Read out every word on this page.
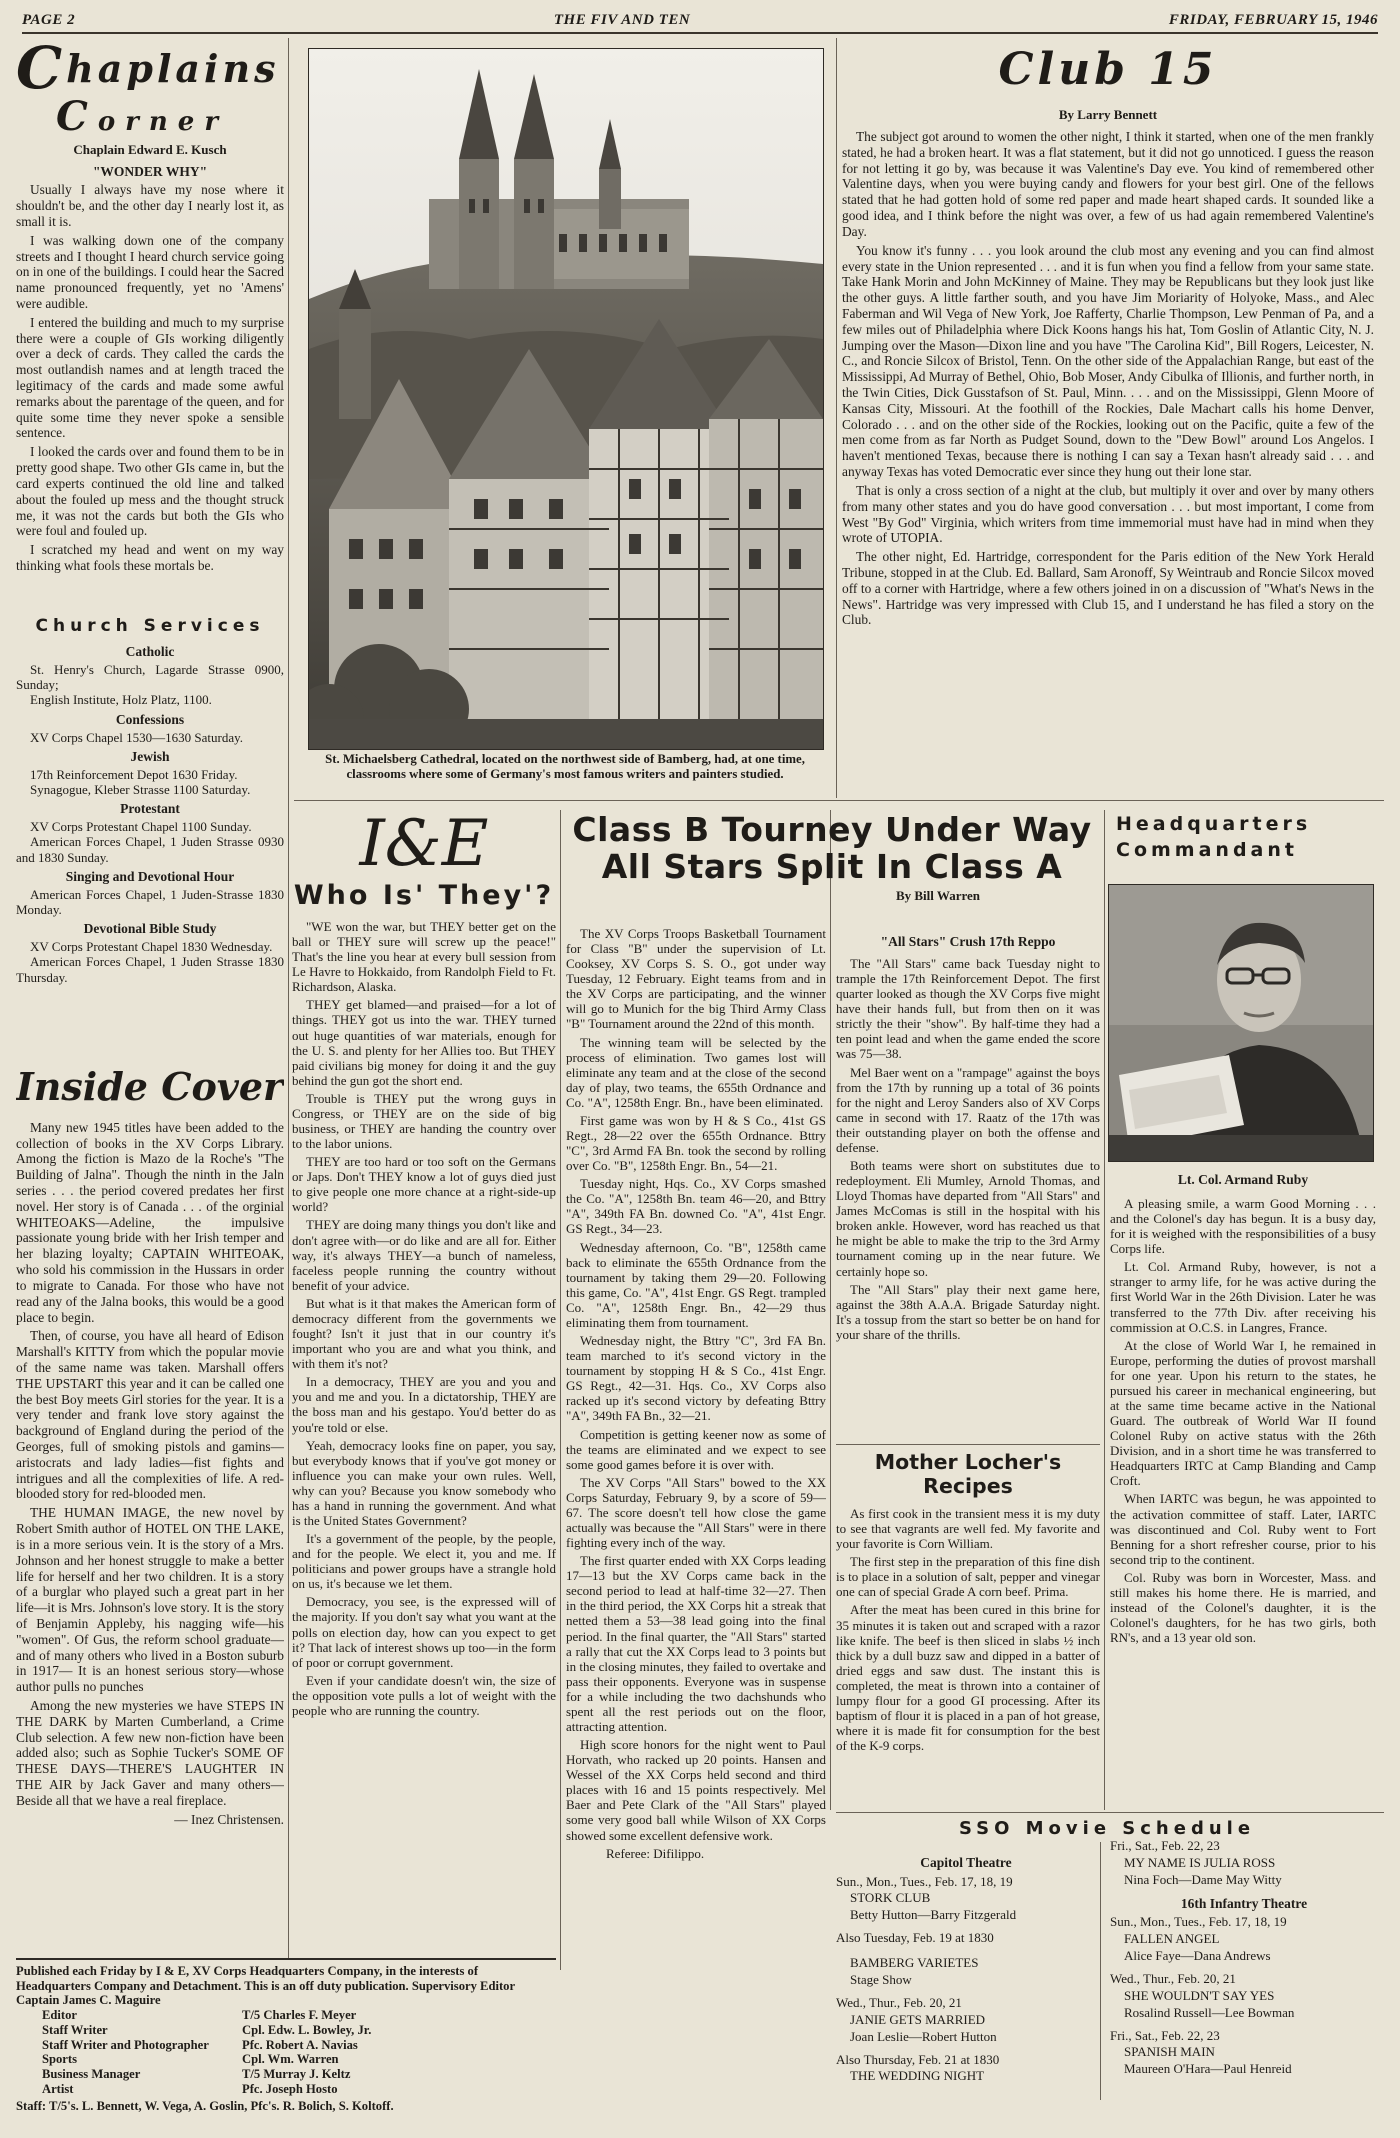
PAGE 2	THE FIV AND TEN	FRIDAY, FEBRUARY 15, 1946

Chaplains

Corner

Chaplain Edward E. Kusch

"WONDER WHY"

Usually I always have my nose where it shouldn't be, and the other day I nearly lost it, as small it is.

I was walking down one of the company streets and I thought I heard church service going on in one of the buildings. I could hear the Sacred name pronounced frequently, yet no 'Amens' were audible.

I entered the building and much to my surprise there were a couple of GIs working diligently over a deck of cards. They called the cards the most outlandish names and at length traced the legitimacy of the cards and made some awful remarks about the parentage of the queen, and for quite some time they never spoke a sensible sentence.

I looked the cards over and found them to be in pretty good shape. Two other GIs came in, but the card experts continued the old line and talked about the fouled up mess and the thought struck me, it was not the cards but both the GIs who were foul and fouled up.

I scratched my head and went on my way thinking what fools these mortals be.

Church Services

Catholic

St. Henry's Church, Lagarde Strasse 0900, Sunday;

English Institute, Holz Platz, 1100.

Confessions

XV Corps Chapel 1530—1630 Saturday.

Jewish

17th Reinforcement Depot 1630 Friday.

Synagogue, Kleber Strasse 1100 Saturday.

Protestant

XV Corps Protestant Chapel 1100 Sunday.

American Forces Chapel, 1 Juden Strasse 0930 and 1830 Sunday.

Singing and Devotional Hour

American Forces Chapel, 1 Juden-Strasse 1830 Monday.

Devotional Bible Study

XV Corps Protestant Chapel 1830 Wednesday.

American Forces Chapel, 1 Juden Strasse 1830 Thursday.

Inside Cover

Many new 1945 titles have been added to the collection of books in the XV Corps Library. Among the fiction is Mazo de la Roche's "The Building of Jalna". Though the ninth in the Jaln series . . . the period covered predates her first novel. Her story is of Canada . . . of the orginial WHITEOAKS—Adeline, the impulsive passionate young bride with her Irish temper and her blazing loyalty; CAPTAIN WHITEOAK, who sold his commission in the Hussars in order to migrate to Canada. For those who have not read any of the Jalna books, this would be a good place to begin.

Then, of course, you have all heard of Edison Marshall's KITTY from which the popular movie of the same name was taken. Marshall offers THE UPSTART this year and it can be called one the best Boy meets Girl stories for the year. It is a very tender and frank love story against the background of England during the period of the Georges, full of smoking pistols and gamins—aristocrats and lady ladies—fist fights and intrigues and all the complexities of life. A red-blooded story for red-blooded men.

THE HUMAN IMAGE, the new novel by Robert Smith author of HOTEL ON THE LAKE, is in a more serious vein. It is the story of a Mrs. Johnson and her honest struggle to make a better life for herself and her two children. It is a story of a burglar who played such a great part in her life—it is Mrs. Johnson's love story. It is the story of Benjamin Appleby, his nagging wife—his "women". Of Gus, the reform school graduate—and of many others who lived in a Boston suburb in 1917— It is an honest serious story—whose author pulls no punches

Among the new mysteries we have STEPS IN THE DARK by Marten Cumberland, a Crime Club selection. A few new non-fiction have been added also; such as Sophie Tucker's SOME OF THESE DAYS—THERE'S LAUGHTER IN THE AIR by Jack Gaver and many others—Beside all that we have a real fireplace.

— Inez Christensen.

St. Michaelsberg Cathedral, located on the northwest side of Bamberg, had, at one time, classrooms where some of Germany's most famous writers and painters studied.

Club 15

By Larry Bennett

The subject got around to women the other night, I think it started, when one of the men frankly stated, he had a broken heart. It was a flat statement, but it did not go unnoticed. I guess the reason for not letting it go by, was because it was Valentine's Day eve. You kind of remembered other Valentine days, when you were buying candy and flowers for your best girl. One of the fellows stated that he had gotten hold of some red paper and made heart shaped cards. It sounded like a good idea, and I think before the night was over, a few of us had again remembered Valentine's Day.

You know it's funny . . . you look around the club most any evening and you can find almost every state in the Union represented . . . and it is fun when you find a fellow from your same state. Take Hank Morin and John McKinney of Maine. They may be Republicans but they look just like the other guys. A little farther south, and you have Jim Moriarity of Holyoke, Mass., and Alec Faberman and Wil Vega of New York, Joe Rafferty, Charlie Thompson, Lew Penman of Pa, and a few miles out of Philadelphia where Dick Koons hangs his hat, Tom Goslin of Atlantic City, N. J. Jumping over the Mason—Dixon line and you have "The Carolina Kid", Bill Rogers, Leicester, N. C., and Roncie Silcox of Bristol, Tenn. On the other side of the Appalachian Range, but east of the Mississippi, Ad Murray of Bethel, Ohio, Bob Moser, Andy Cibulka of Illionis, and further north, in the Twin Cities, Dick Gusstafson of St. Paul, Minn. . . . and on the Mississippi, Glenn Moore of Kansas City, Missouri. At the foothill of the Rockies, Dale Machart calls his home Denver, Colorado . . . and on the other side of the Rockies, looking out on the Pacific, quite a few of the men come from as far North as Pudget Sound, down to the "Dew Bowl" around Los Angelos. I haven't mentioned Texas, because there is nothing I can say a Texan hasn't already said . . . and anyway Texas has voted Democratic ever since they hung out their lone star.

That is only a cross section of a night at the club, but multiply it over and over by many others from many other states and you do have good conversation . . . but most important, I come from West "By God" Virginia, which writers from time immemorial must have had in mind when they wrote of UTOPIA.

The other night, Ed. Hartridge, correspondent for the Paris edition of the New York Herald Tribune, stopped in at the Club. Ed. Ballard, Sam Aronoff, Sy Weintraub and Roncie Silcox moved off to a corner with Hartridge, where a few others joined in on a discussion of "What's News in the News". Hartridge was very impressed with Club 15, and I understand he has filed a story on the Club.

I&E

Who Is' They'?

"WE won the war, but THEY better get on the ball or THEY sure will screw up the peace!" That's the line you hear at every bull session from Le Havre to Hokkaido, from Randolph Field to Ft. Richardson, Alaska.

THEY get blamed—and praised—for a lot of things. THEY got us into the war. THEY turned out huge quantities of war materials, enough for the U. S. and plenty for her Allies too. But THEY paid civilians big money for doing it and the guy behind the gun got the short end.

Trouble is THEY put the wrong guys in Congress, or THEY are on the side of big business, or THEY are handing the country over to the labor unions.

THEY are too hard or too soft on the Germans or Japs. Don't THEY know a lot of guys died just to give people one more chance at a right-side-up world?

THEY are doing many things you don't like and don't agree with—or do like and are all for. Either way, it's always THEY—a bunch of nameless, faceless people running the country without benefit of your advice.

But what is it that makes the American form of democracy different from the governments we fought? Isn't it just that in our country it's important who you are and what you think, and with them it's not?

In a democracy, THEY are you and you and you and me and you. In a dictatorship, THEY are the boss man and his gestapo. You'd better do as you're told or else.

Yeah, democracy looks fine on paper, you say, but everybody knows that if you've got money or influence you can make your own rules. Well, why can you? Because you know somebody who has a hand in running the government. And what is the United States Government?

It's a government of the people, by the people, and for the people. We elect it, you and me. If politicians and power groups have a strangle hold on us, it's because we let them.

Democracy, you see, is the expressed will of the majority. If you don't say what you want at the polls on election day, how can you expect to get it? That lack of interest shows up too—in the form of poor or corrupt government.

Even if your candidate doesn't win, the size of the opposition vote pulls a lot of weight with the people who are running the country.

Class B Tourney Under Way

All Stars Split In Class A

By Bill Warren

The XV Corps Troops Basketball Tournament for Class "B" under the supervision of Lt. Cooksey, XV Corps S. S. O., got under way Tuesday, 12 February. Eight teams from and in the XV Corps are participating, and the winner will go to Munich for the big Third Army Class "B" Tournament around the 22nd of this month.

The winning team will be selected by the process of elimination. Two games lost will eliminate any team and at the close of the second day of play, two teams, the 655th Ordnance and Co. "A", 1258th Engr. Bn., have been eliminated.

First game was won by H & S Co., 41st GS Regt., 28—22 over the 655th Ordnance. Bttry "C", 3rd Armd FA Bn. took the second by rolling over Co. "B", 1258th Engr. Bn., 54—21.

Tuesday night, Hqs. Co., XV Corps smashed the Co. "A", 1258th Bn. team 46—20, and Bttry "A", 349th FA Bn. downed Co. "A", 41st Engr. GS Regt., 34—23.

Wednesday afternoon, Co. "B", 1258th came back to eliminate the 655th Ordnance from the tournament by taking them 29—20. Following this game, Co. "A", 41st Engr. GS Regt. trampled Co. "A", 1258th Engr. Bn., 42—29 thus eliminating them from tournament.

Wednesday night, the Bttry "C", 3rd FA Bn. team marched to it's second victory in the tournament by stopping H & S Co., 41st Engr. GS Regt., 42—31. Hqs. Co., XV Corps also racked up it's second victory by defeating Bttry "A", 349th FA Bn., 32—21.

Competition is getting keener now as some of the teams are eliminated and we expect to see some good games before it is over with.

The XV Corps "All Stars" bowed to the XX Corps Saturday, February 9, by a score of 59—67. The score doesn't tell how close the game actually was because the "All Stars" were in there fighting every inch of the way.

The first quarter ended with XX Corps leading 17—13 but the XV Corps came back in the second period to lead at half-time 32—27. Then in the third period, the XX Corps hit a streak that netted them a 53—38 lead going into the final period. In the final quarter, the "All Stars" started a rally that cut the XX Corps lead to 3 points but in the closing minutes, they failed to overtake and pass their opponents. Everyone was in suspense for a while including the two dachshunds who spent all the rest periods out on the floor, attracting attention.

High score honors for the night went to Paul Horvath, who racked up 20 points. Hansen and Wessel of the XX Corps held second and third places with 16 and 15 points respectively. Mel Baer and Pete Clark of the "All Stars" played some very good ball while Wilson of XX Corps showed some excellent defensive work.

Referee: Difilippo.

"All Stars" Crush 17th Reppo

The "All Stars" came back Tuesday night to trample the 17th Reinforcement Depot. The first quarter looked as though the XV Corps five might have their hands full, but from then on it was strictly the their "show". By half-time they had a ten point lead and when the game ended the score was 75—38.

Mel Baer went on a "rampage" against the boys from the 17th by running up a total of 36 points for the night and Leroy Sanders also of XV Corps came in second with 17. Raatz of the 17th was their outstanding player on both the offense and defense.

Both teams were short on substitutes due to redeployment. Eli Mumley, Arnold Thomas, and Lloyd Thomas have departed from "All Stars" and James McComas is still in the hospital with his broken ankle. However, word has reached us that he might be able to make the trip to the 3rd Army tournament coming up in the near future. We certainly hope so.

The "All Stars" play their next game here, against the 38th A.A.A. Brigade Saturday night. It's a tossup from the start so better be on hand for your share of the thrills.

Mother Locher's Recipes

As first cook in the transient mess it is my duty to see that vagrants are well fed. My favorite and your favorite is Corn William.

The first step in the preparation of this fine dish is to place in a solution of salt, pepper and vinegar one can of special Grade A corn beef. Prima.

After the meat has been cured in this brine for 35 minutes it is taken out and scraped with a razor like knife. The beef is then sliced in slabs ½ inch thick by a dull buzz saw and dipped in a batter of dried eggs and saw dust. The instant this is completed, the meat is thrown into a container of lumpy flour for a good GI processing. After its baptism of flour it is placed in a pan of hot grease, where it is made fit for consumption for the best of the K-9 corps.

Headquarters

Commandant

Lt. Col. Armand Ruby

A pleasing smile, a warm Good Morning . . . and the Colonel's day has begun. It is a busy day, for it is weighed with the responsibilities of a busy Corps life.

Lt. Col. Armand Ruby, however, is not a stranger to army life, for he was active during the first World War in the 26th Division. Later he was transferred to the 77th Div. after receiving his commission at O.C.S. in Langres, France.

At the close of World War I, he remained in Europe, performing the duties of provost marshall for one year. Upon his return to the states, he pursued his career in mechanical engineering, but at the same time became active in the National Guard. The outbreak of World War II found Colonel Ruby on active status with the 26th Division, and in a short time he was transferred to Headquarters IRTC at Camp Blanding and Camp Croft.

When IARTC was begun, he was appointed to the activation committee of staff. Later, IARTC was discontinued and Col. Ruby went to Fort Benning for a short refresher course, prior to his second trip to the continent.

Col. Ruby was born in Worcester, Mass. and still makes his home there. He is married, and instead of the Colonel's daughter, it is the Colonel's daughters, for he has two girls, both RN's, and a 13 year old son.

SSO Movie Schedule

Capitol Theatre

Sun., Mon., Tues., Feb. 17, 18, 19

STORK CLUB

Betty Hutton—Barry Fitzgerald

Also Tuesday, Feb. 19 at 1830

BAMBERG VARIETES

Stage Show

Wed., Thur., Feb. 20, 21

JANIE GETS MARRIED

Joan Leslie—Robert Hutton

Also Thursday, Feb. 21 at 1830

THE WEDDING NIGHT

Fri., Sat., Feb. 22, 23

MY NAME IS JULIA ROSS

Nina Foch—Dame May Witty

16th Infantry Theatre

Sun., Mon., Tues., Feb. 17, 18, 19

FALLEN ANGEL

Alice Faye—Dana Andrews

Wed., Thur., Feb. 20, 21

SHE WOULDN'T SAY YES

Rosalind Russell—Lee Bowman

Fri., Sat., Feb. 22, 23

SPANISH MAIN

Maureen O'Hara—Paul Henreid

Published each Friday by I & E, XV Corps Headquarters Company, in the interests of Headquarters Company and Detachment. This is an off duty publication. Supervisory Editor Captain James C. Maguire

Editor	T/5 Charles F. Meyer
Staff Writer	Cpl. Edw. L. Bowley, Jr.
Staff Writer and Photographer	Pfc. Robert A. Navias
Sports	Cpl. Wm. Warren
Business Manager	T/5 Murray J. Keltz
Artist	Pfc. Joseph Hosto

Staff: T/5's. L. Bennett, W. Vega, A. Goslin, Pfc's. R. Bolich, S. Koltoff.
